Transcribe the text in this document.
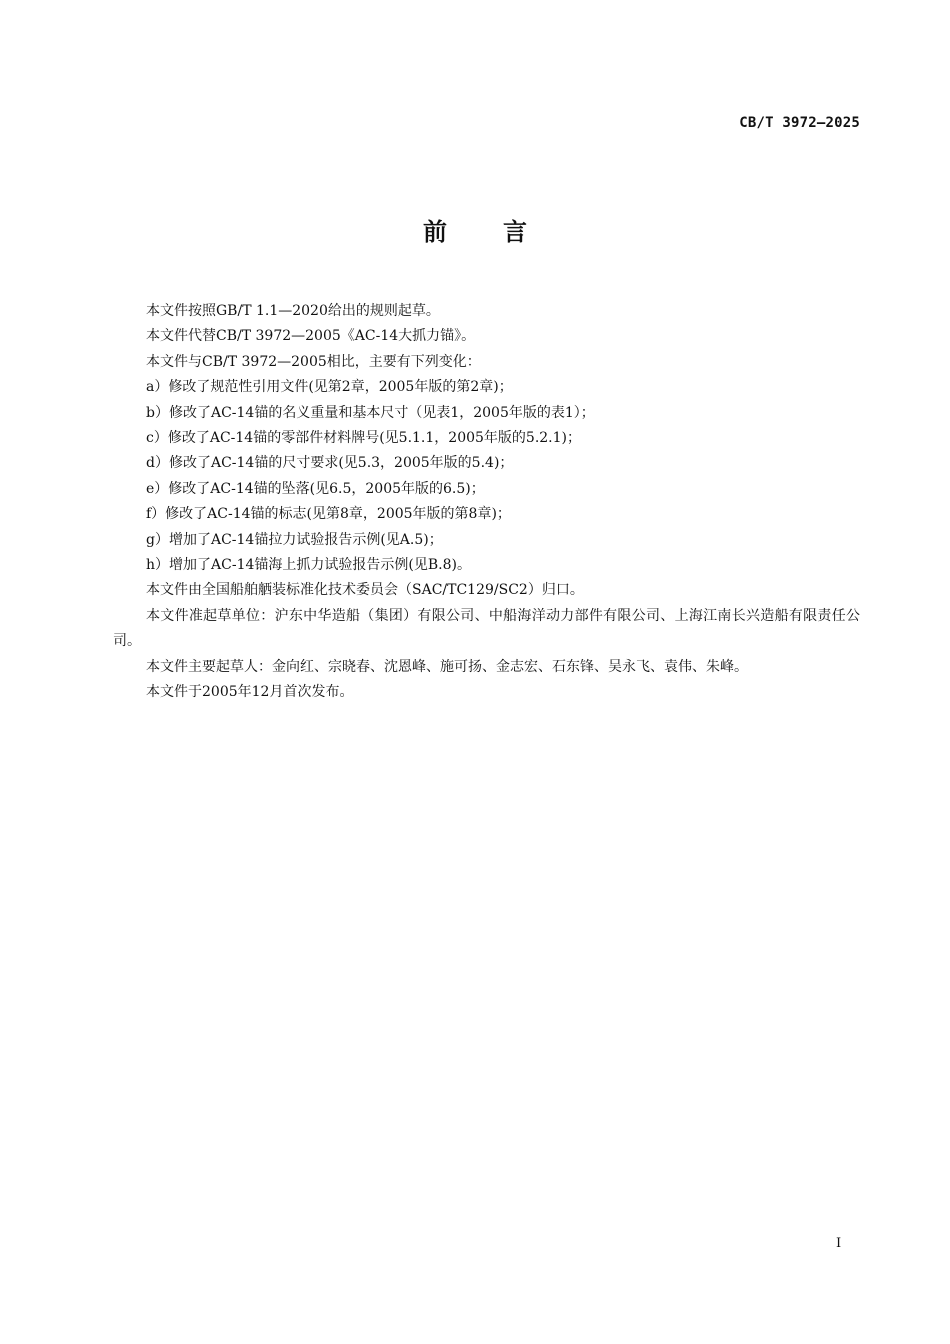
CB/T 3972—2025
前言

本文件按照GB/T 1.1—2020给出的规则起草。

本文件代替CB/T 3972—2005《AC-14大抓力锚》。

本文件与CB/T 3972—2005相比，主要有下列变化：

a）修改了规范性引用文件(见第2章，2005年版的第2章)；

b）修改了AC-14锚的名义重量和基本尺寸（见表1，2005年版的表1）；

c）修改了AC-14锚的零部件材料牌号(见5.1.1，2005年版的5.2.1)；

d）修改了AC-14锚的尺寸要求(见5.3，2005年版的5.4)；

e）修改了AC-14锚的坠落(见6.5，2005年版的6.5)；

f）修改了AC-14锚的标志(见第8章，2005年版的第8章)；

g）增加了AC-14锚拉力试验报告示例(见A.5)；

h）增加了AC-14锚海上抓力试验报告示例(见B.8)。

本文件由全国船舶舾装标准化技术委员会（SAC/TC129/SC2）归口。

本文件准起草单位：沪东中华造船（集团）有限公司、中船海洋动力部件有限公司、上海江南长兴造船有限责任公司。

本文件主要起草人：金向红、宗晓春、沈恩峰、施可扬、金志宏、石东锋、吴永飞、袁伟、朱峰。

本文件于2005年12月首次发布。

I
